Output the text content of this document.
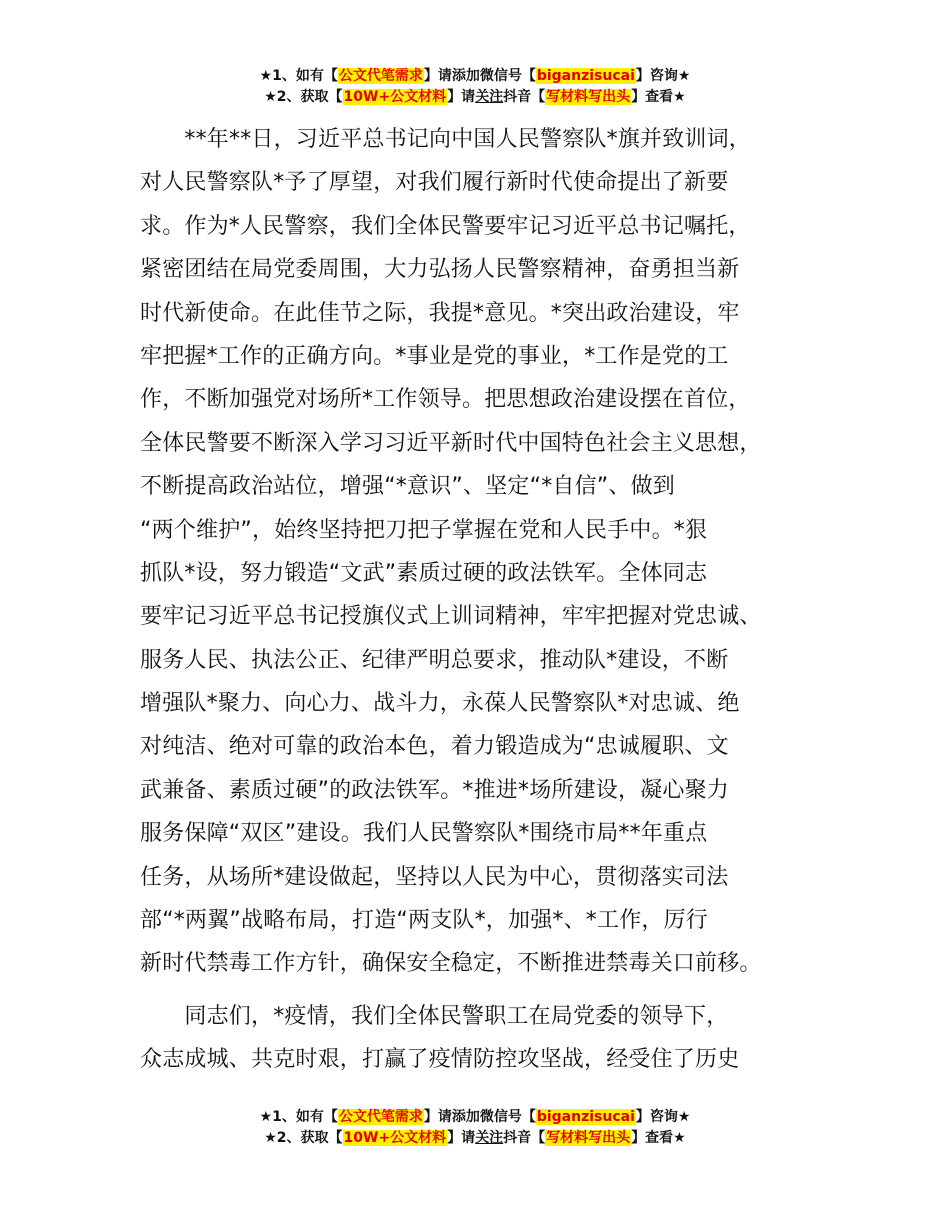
★1、如有【公文代笔需求】请添加微信号【biganzisucai】咨询★
★2、获取【10W+公文材料】请关注抖音【写材料写出头】查看★
　　**年**日，习近平总书记向中国人民警察队*旗并致训词，
对人民警察队*予了厚望，对我们履行新时代使命提出了新要
求。作为*人民警察，我们全体民警要牢记习近平总书记嘱托，
紧密团结在局党委周围，大力弘扬人民警察精神，奋勇担当新
时代新使命。在此佳节之际，我提*意见。*突出政治建设，牢
牢把握*工作的正确方向。*事业是党的事业，*工作是党的工
作，不断加强党对场所*工作领导。把思想政治建设摆在首位，
全体民警要不断深入学习习近平新时代中国特色社会主义思想，
不断提高政治站位，增强“*意识”、坚定“*自信”、做到
“两个维护”，始终坚持把刀把子掌握在党和人民手中。*狠
抓队*设，努力锻造“文武”素质过硬的政法铁军。全体同志
要牢记习近平总书记授旗仪式上训词精神，牢牢把握对党忠诚、
服务人民、执法公正、纪律严明总要求，推动队*建设，不断
增强队*聚力、向心力、战斗力，永葆人民警察队*对忠诚、绝
对纯洁、绝对可靠的政治本色，着力锻造成为“忠诚履职、文
武兼备、素质过硬”的政法铁军。*推进*场所建设，凝心聚力
服务保障“双区”建设。我们人民警察队*围绕市局**年重点
任务，从场所*建设做起，坚持以人民为中心，贯彻落实司法
部“*两翼”战略布局，打造“两支队*，加强*、*工作，厉行
新时代禁毒工作方针，确保安全稳定，不断推进禁毒关口前移。
　　同志们，*疫情，我们全体民警职工在局党委的领导下，
众志成城、共克时艰，打赢了疫情防控攻坚战，经受住了历史
★1、如有【公文代笔需求】请添加微信号【biganzisucai】咨询★
★2、获取【10W+公文材料】请关注抖音【写材料写出头】查看★
